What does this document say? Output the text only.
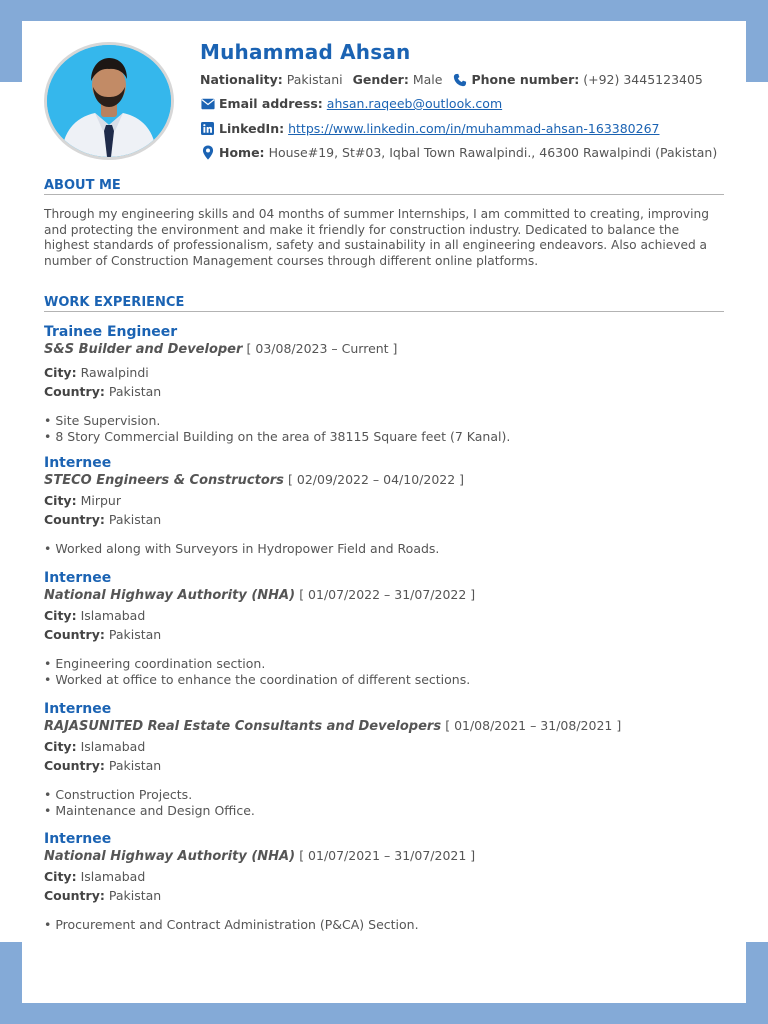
Muhammad Ahsan
Nationality: Pakistani Gender: Male Phone number: (+92) 3445123405
Email address: ahsan.raqeeb@outlook.com
LinkedIn: https://www.linkedin.com/in/muhammad-ahsan-163380267
Home: House#19, St#03, Iqbal Town Rawalpindi., 46300 Rawalpindi (Pakistan)
ABOUT ME

Through my engineering skills and 04 months of summer Internships, I am committed to creating, improving and protecting the environment and make it friendly for construction industry. Dedicated to balance the highest standards of professionalism, safety and sustainability in all engineering endeavors. Also achieved a number of Construction Management courses through different online platforms.

WORK EXPERIENCE
Trainee Engineer
S&S Builder and Developer [ 03/08/2023 – Current ]
City: Rawalpindi
Country: Pakistan
• Site Supervision.
• 8 Story Commercial Building on the area of 38115 Square feet (7 Kanal).
Internee
STECO Engineers & Constructors [ 02/09/2022 – 04/10/2022 ]
City: Mirpur
Country: Pakistan
• Worked along with Surveyors in Hydropower Field and Roads.
Internee
National Highway Authority (NHA) [ 01/07/2022 – 31/07/2022 ]
City: Islamabad
Country: Pakistan
• Engineering coordination section.
• Worked at office to enhance the coordination of different sections.
Internee
RAJASUNITED Real Estate Consultants and Developers [ 01/08/2021 – 31/08/2021 ]
City: Islamabad
Country: Pakistan
• Construction Projects.
• Maintenance and Design Office.
Internee
National Highway Authority (NHA) [ 01/07/2021 – 31/07/2021 ]
City: Islamabad
Country: Pakistan
• Procurement and Contract Administration (P&CA) Section.
